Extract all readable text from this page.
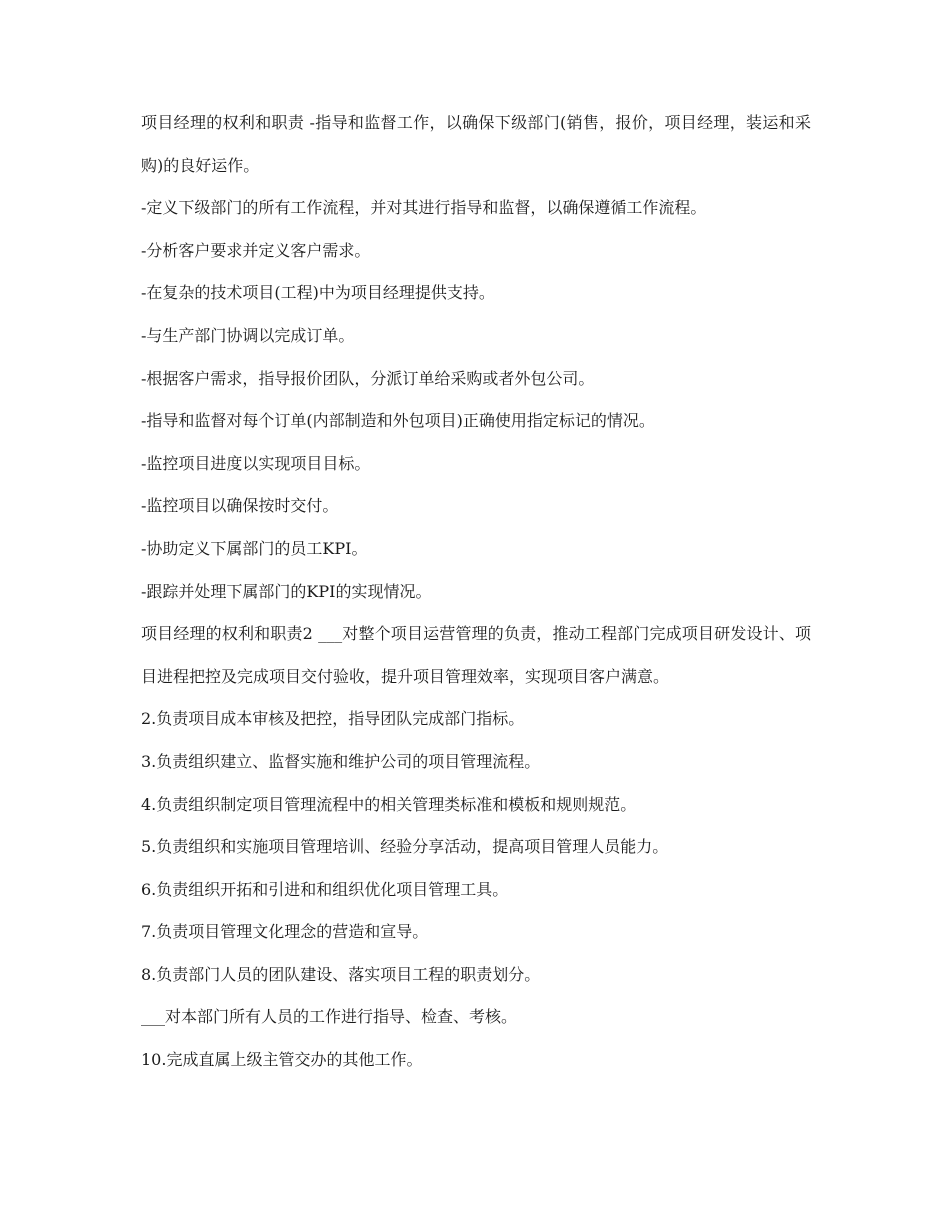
项目经理的权利和职责 -指导和监督工作，以确保下级部门(销售，报价，项目经理，装运和采购)的良好运作。

-定义下级部门的所有工作流程，并对其进行指导和监督，以确保遵循工作流程。

-分析客户要求并定义客户需求。

-在复杂的技术项目(工程)中为项目经理提供支持。

-与生产部门协调以完成订单。

-根据客户需求，指导报价团队，分派订单给采购或者外包公司。

-指导和监督对每个订单(内部制造和外包项目)正确使用指定标记的情况。

-监控项目进度以实现项目目标。

-监控项目以确保按时交付。

-协助定义下属部门的员工KPI。

-跟踪并处理下属部门的KPI的实现情况。

项目经理的权利和职责2 ___对整个项目运营管理的负责，推动工程部门完成项目研发设计、项目进程把控及完成项目交付验收，提升项目管理效率，实现项目客户满意。

2.负责项目成本审核及把控，指导团队完成部门指标。

3.负责组织建立、监督实施和维护公司的项目管理流程。

4.负责组织制定项目管理流程中的相关管理类标准和模板和规则规范。

5.负责组织和实施项目管理培训、经验分享活动，提高项目管理人员能力。

6.负责组织开拓和引进和和组织优化项目管理工具。

7.负责项目管理文化理念的营造和宣导。

8.负责部门人员的团队建设、落实项目工程的职责划分。

___对本部门所有人员的工作进行指导、检查、考核。

10.完成直属上级主管交办的其他工作。
